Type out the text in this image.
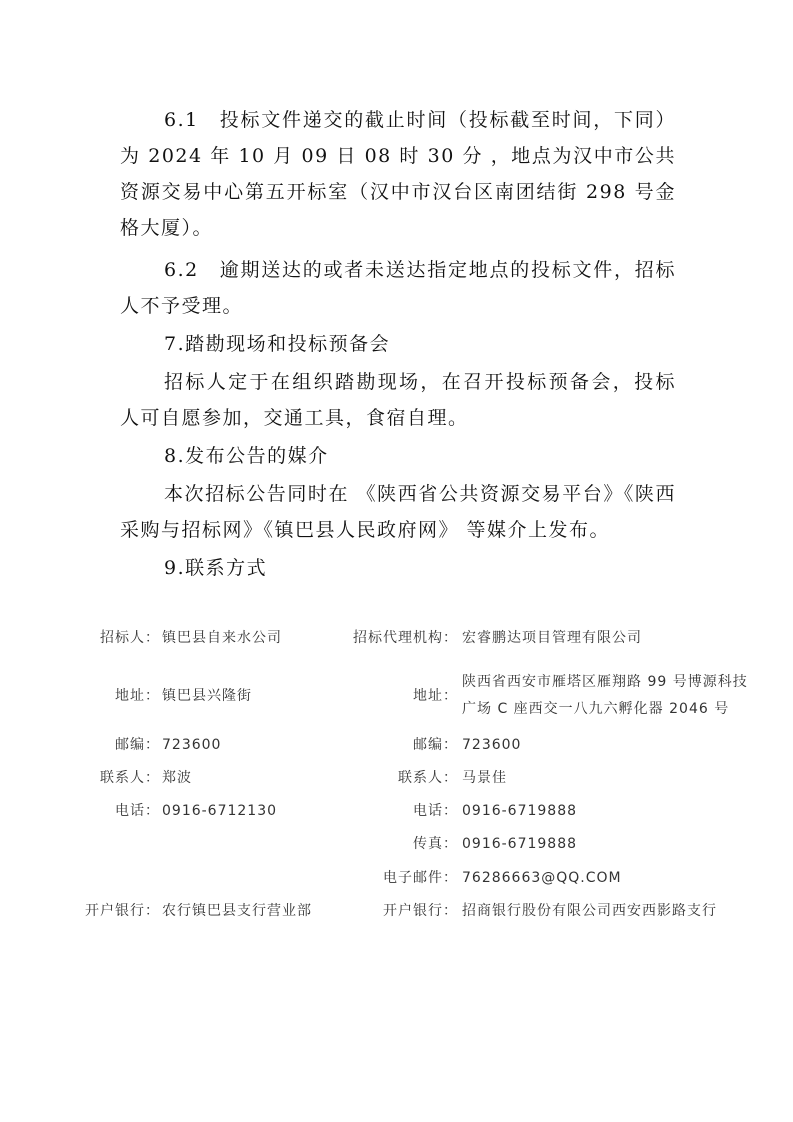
6.1　投标文件递交的截止时间（投标截至时间，下同）为 2024 年 10 月 09 日 08 时 30 分 ，地点为汉中市公共资源交易中心第五开标室（汉中市汉台区南团结街 298 号金格大厦）。

6.2　逾期送达的或者未送达指定地点的投标文件，招标人不予受理。

7.踏勘现场和投标预备会

招标人定于在组织踏勘现场，在召开投标预备会，投标人可自愿参加，交通工具，食宿自理。

8.发布公告的媒介

本次招标公告同时在 《陕西省公共资源交易平台》《陕西采购与招标网》《镇巴县人民政府网》 等媒介上发布。

9.联系方式

招标人： 镇巴县自来水公司
地址： 镇巴县兴隆街
邮编： 723600
联系人： 郑波
电话： 0916-6712130
开户银行： 农行镇巴县支行营业部
招标代理机构： 宏睿鹏达项目管理有限公司
地址：
陕西省西安市雁塔区雁翔路 99 号博源科技
广场 C 座西交一八九六孵化器 2046 号
邮编： 723600
联系人： 马景佳
电话： 0916-6719888
传真： 0916-6719888
电子邮件： 76286663@QQ.COM
开户银行： 招商银行股份有限公司西安西影路支行
